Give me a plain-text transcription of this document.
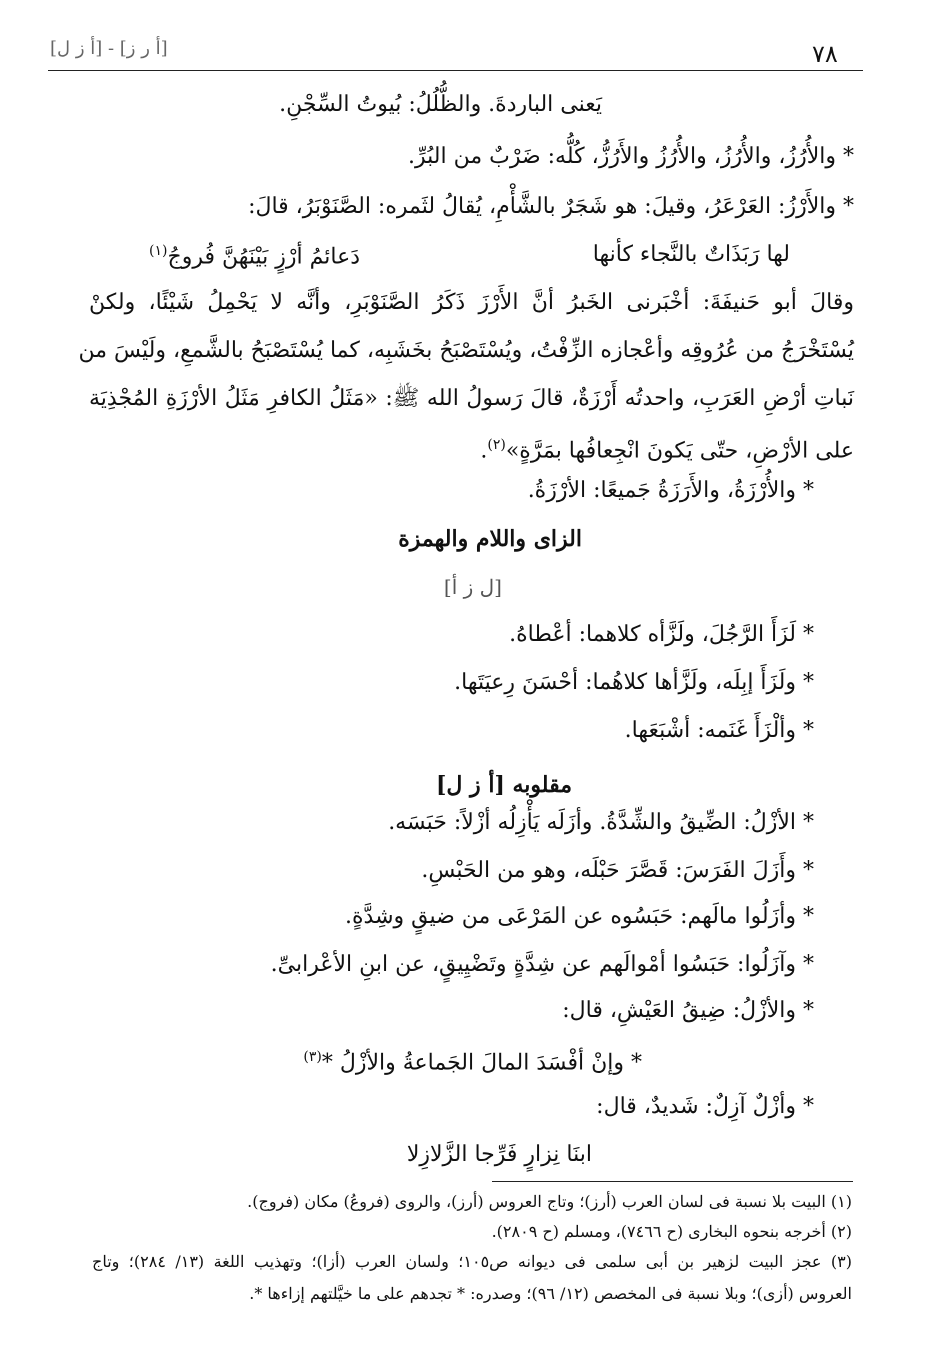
٧٨
[أ ر ز] - [أ ز ل]
يَعنى الباردةَ. والظُّلُلُ: بُيوتُ السِّجْنِ.
* والأُرُزُ، والأُرُزُ، والأُرُزُ والأَرُزُّ، كُلُّه: ضَرْبٌ من البُرِّ.
* والأَرْزُ: العَرْعَرُ، وقيلَ: هو شَجَرٌ بالشَّأْمِ، يُقالُ لثَمره: الصَّنَوْبَرُ، قالَ:
لها رَبَذَاتٌ بالنَّجاء كأنها
دَعائمُ أرْزٍ بَيْنَهُنَّ فُروجُ$^{(١)}$
وقالَ أبو حَنيفَةَ: أخْبَرنى الخَبرُ أنَّ الأَرْزَ ذَكَرُ الصَّنَوْبَرِ، وأنَّه لا يَحْمِلُ شَيْئًا، ولكنْ
يُسْتَخْرَجُ من عُرُوقِه وأعْجازه الزِّفْتُ، ويُسْتَصْبَحُ بخَشَبِه، كما يُسْتَصْبَحُ بالشَّمعِ، ولَيْسَ من
نَباتِ أرْضِ العَرَبِ، واحدتُه أَرْزَةٌ، قالَ رَسولُ الله ﷺ: «مَثَلُ الكافرِ مَثَلُ الأرْزَةِ المُجْذِيَة
على الأرْضِ، حتّى يَكونَ انْجِعافُها بمَرَّةٍ»$^{(٢)}$.
* والأُرْزَةُ، والأَرَزَةُ جَميعًا: الأرْزَةُ.
الزاى واللام والهمزة
[ل ز أ]
* لَزَأَ الرَّجُلَ، ولَزَّأه كلاهما: أعْطاهُ.
* ولَزَأَ إبِلَه، ولَزَّأها كلاهُما: أحْسَنَ رِعيَتَها.
* وألْزَأَ غَنَمه: أشْبَعَها.
مقلوبه [أ ز ل]
* الأزْلُ: الضِّيقُ والشِّدَّةُ. وأزَلَه يَأْزِلُه أزْلاً: حَبَسَه.
* وأَزَلَ الفَرَسَ: قَصَّرَ حَبْلَه، وهو من الحَبْسِ.
* وأزَلُوا مالَهم: حَبَسُوه عن المَرْعَى من ضيقٍ وشِدَّةٍ.
* وآزَلُوا: حَبَسُوا أمْوالَهم عن شِدَّةٍ وتَضْيِيقٍ، عن ابنِ الأعْرابىِّ.
* والأزْلُ: ضِيقُ العَيْشِ، قال:
* وإنْ أفْسَدَ المالَ الجَماعةُ والأزْلُ *$^{(٣)}$
* وأزْلٌ آزِلٌ: شَديدٌ، قال:
ابنَا نِزارٍ فَرِّجا الزَّلازِلا
(١) البيت بلا نسبة فى لسان العرب (أرز)؛ وتاج العروس (أرز)، والروى (فروعُ) مكان (فروج).
(٢) أخرجه بنحوه البخارى (ح ٧٤٦٦)، ومسلم (ح ٢٨٠٩).
(٣) عجز البيت لزهير بن أبى سلمى فى ديوانه ص١٠٥؛ ولسان العرب (أزا)؛ وتهذيب اللغة (١٣/ ٢٨٤)؛ وتاج
العروس (أزى)؛ وبلا نسبة فى المخصص (١٢/ ٩٦)؛ وصدره: * تجدهم على ما خيَّلتهم إزاءها *.
